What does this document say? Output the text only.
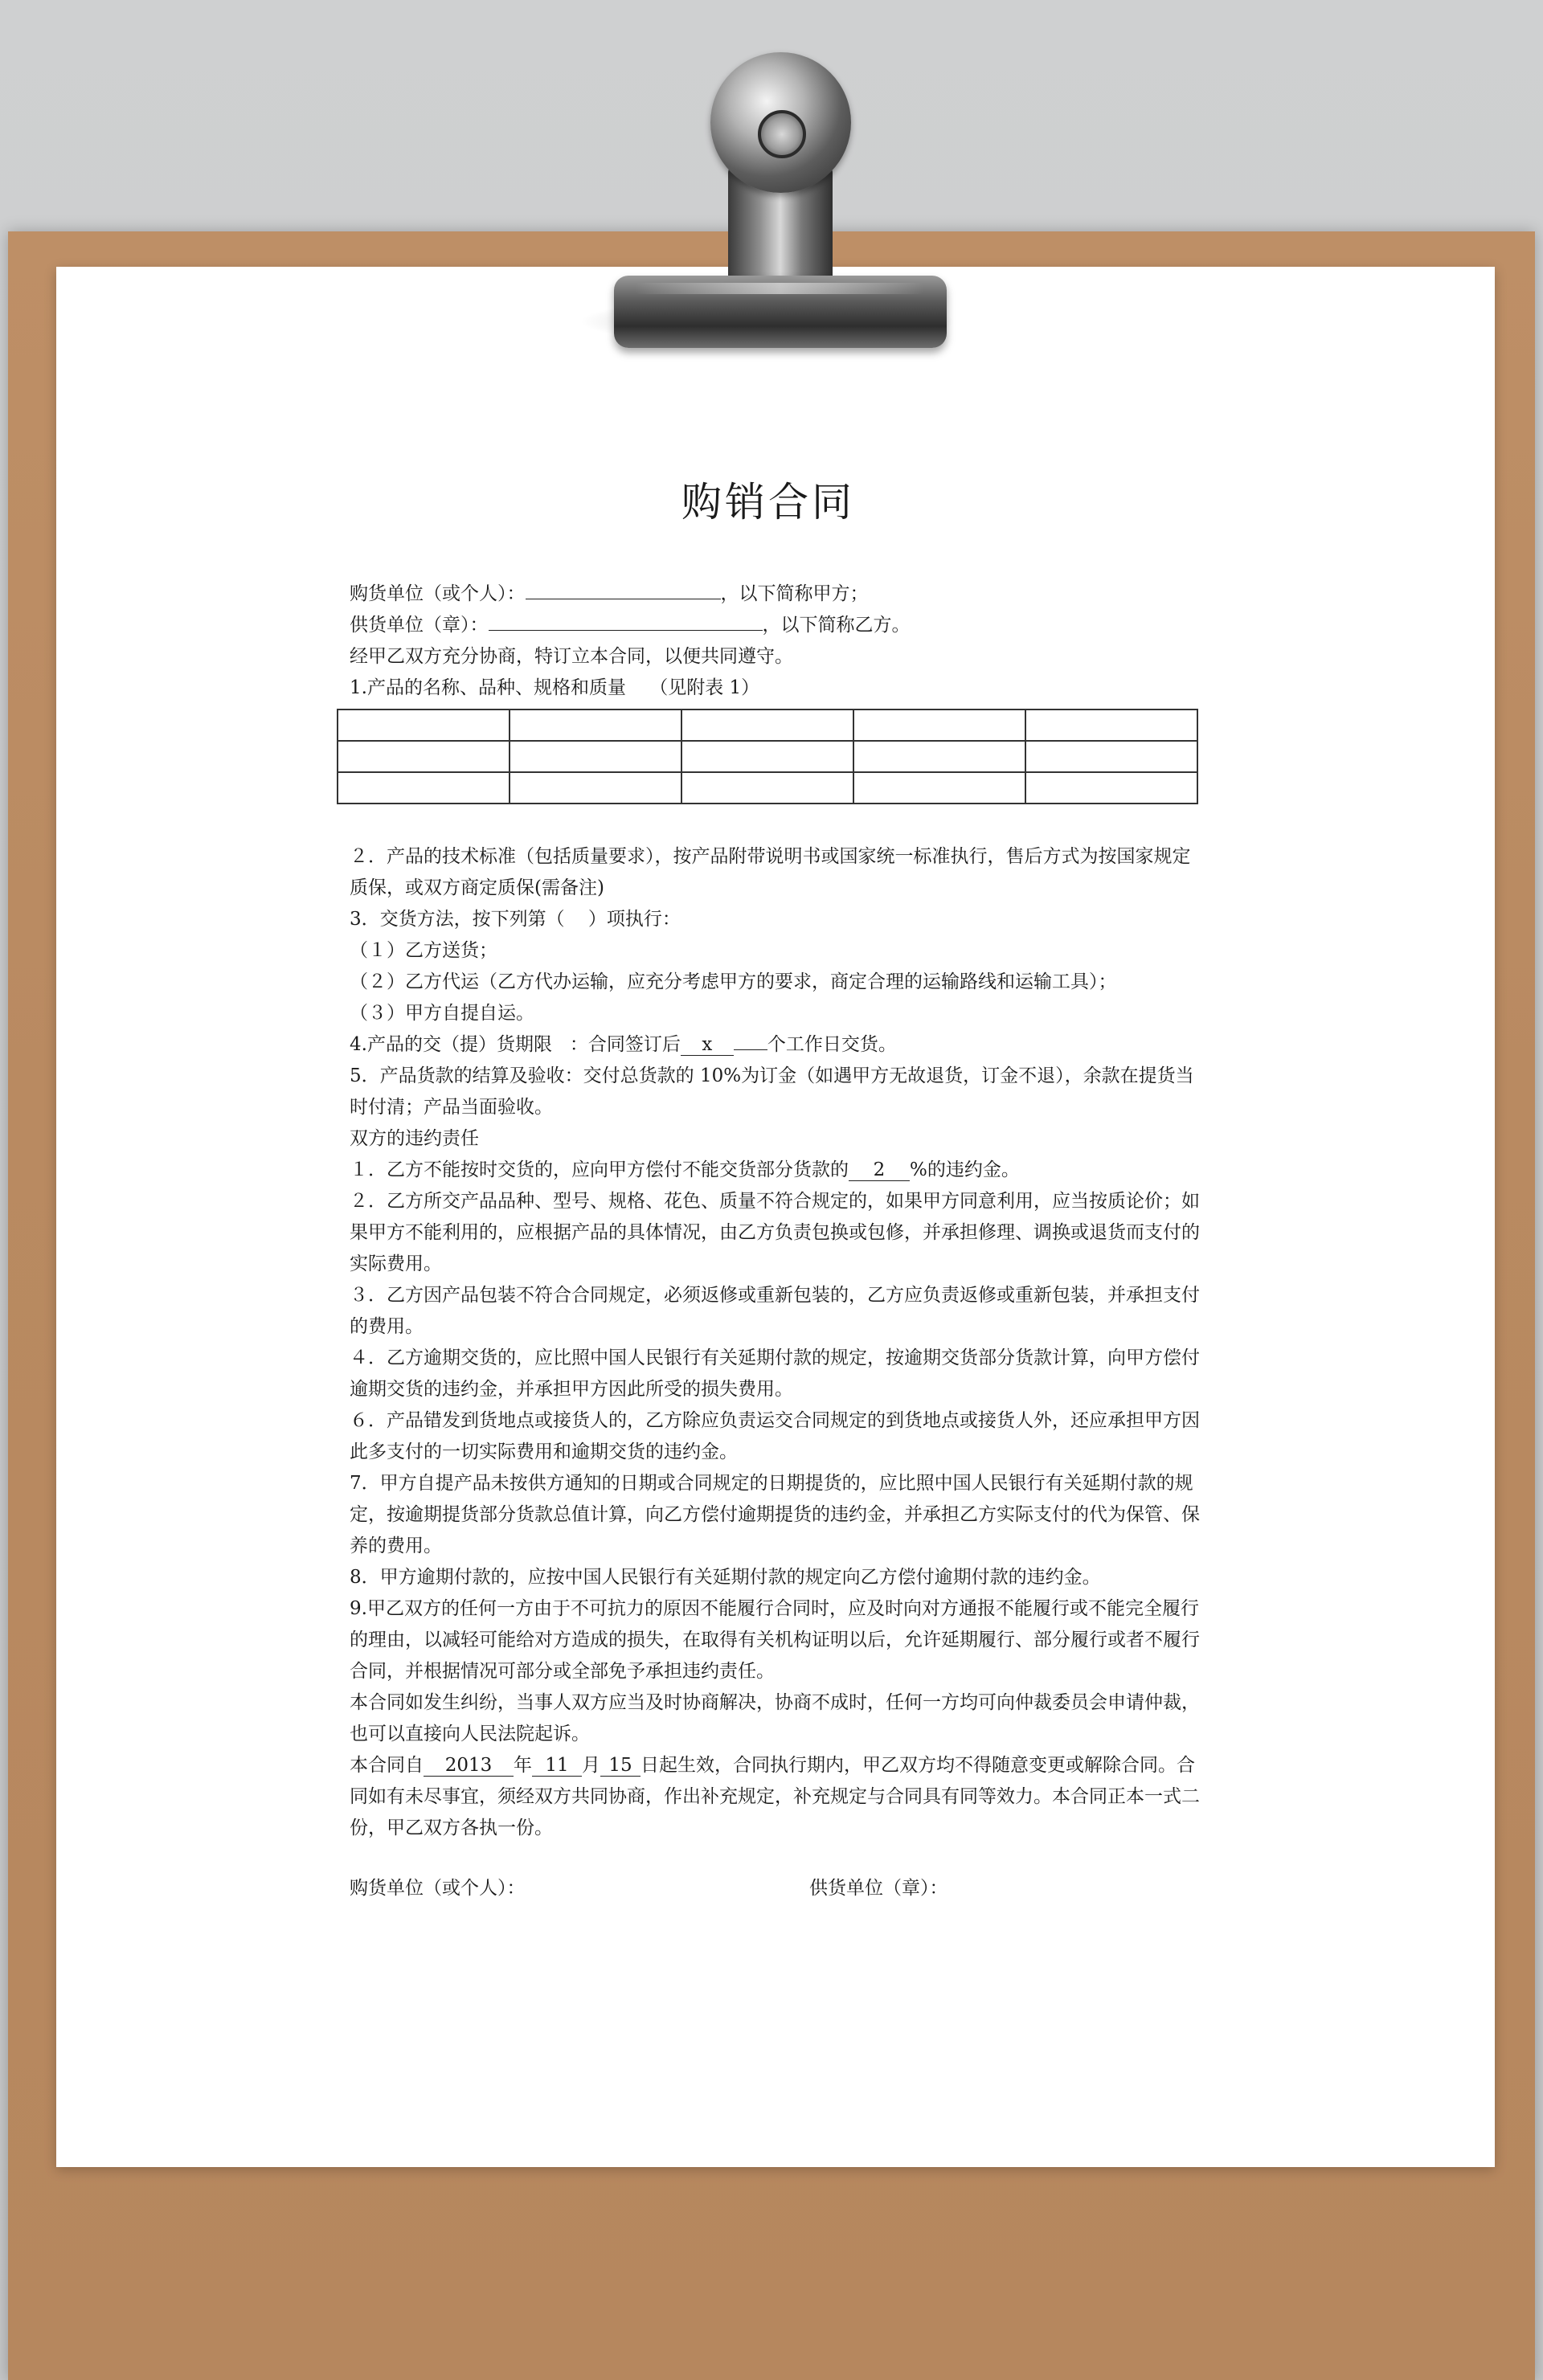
购销合同

购货单位（或个人）：	，以下简称甲方；

供货单位（章）：	，以下简称乙方。

经甲乙双方充分协商，特订立本合同，以便共同遵守。

1.产品的名称、品种、规格和质量    （见附表 1）

２．产品的技术标准（包括质量要求），按产品附带说明书或国家统一标准执行，售后方式为按国家规定质保，或双方商定质保(需备注)

3．交货方法，按下列第（    ）项执行：

（１）乙方送货；

（２）乙方代运（乙方代办运输，应充分考虑甲方的要求，商定合理的运输路线和运输工具）；

（３）甲方自提自运。

4.产品的交（提）货期限   ：合同签订后 x	个工作日交货。

5．产品货款的结算及验收：交付总货款的 10%为订金（如遇甲方无故退货，订金不退），余款在提货当时付清；产品当面验收。

双方的违约责任

１．乙方不能按时交货的，应向甲方偿付不能交货部分货款的 2 %的违约金。

２．乙方所交产品品种、型号、规格、花色、质量不符合规定的，如果甲方同意利用，应当按质论价；如果甲方不能利用的，应根据产品的具体情况，由乙方负责包换或包修，并承担修理、调换或退货而支付的实际费用。

３．乙方因产品包装不符合合同规定，必须返修或重新包装的，乙方应负责返修或重新包装，并承担支付的费用。

４．乙方逾期交货的，应比照中国人民银行有关延期付款的规定，按逾期交货部分货款计算，向甲方偿付逾期交货的违约金，并承担甲方因此所受的损失费用。

６．产品错发到货地点或接货人的，乙方除应负责运交合同规定的到货地点或接货人外，还应承担甲方因此多支付的一切实际费用和逾期交货的违约金。

7．甲方自提产品未按供方通知的日期或合同规定的日期提货的，应比照中国人民银行有关延期付款的规定，按逾期提货部分货款总值计算，向乙方偿付逾期提货的违约金，并承担乙方实际支付的代为保管、保养的费用。

8．甲方逾期付款的，应按中国人民银行有关延期付款的规定向乙方偿付逾期付款的违约金。

9.甲乙双方的任何一方由于不可抗力的原因不能履行合同时，应及时向对方通报不能履行或不能完全履行的理由，以减轻可能给对方造成的损失，在取得有关机构证明以后，允许延期履行、部分履行或者不履行合同，并根据情况可部分或全部免予承担违约责任。

本合同如发生纠纷，当事人双方应当及时协商解决，协商不成时，任何一方均可向仲裁委员会申请仲裁，也可以直接向人民法院起诉。

本合同自 2013 年 11 月 15 日起生效，合同执行期内，甲乙双方均不得随意变更或解除合同。合同如有未尽事宜，须经双方共同协商，作出补充规定，补充规定与合同具有同等效力。本合同正本一式二份，甲乙双方各执一份。

购货单位（或个人）：	供货单位（章）：
